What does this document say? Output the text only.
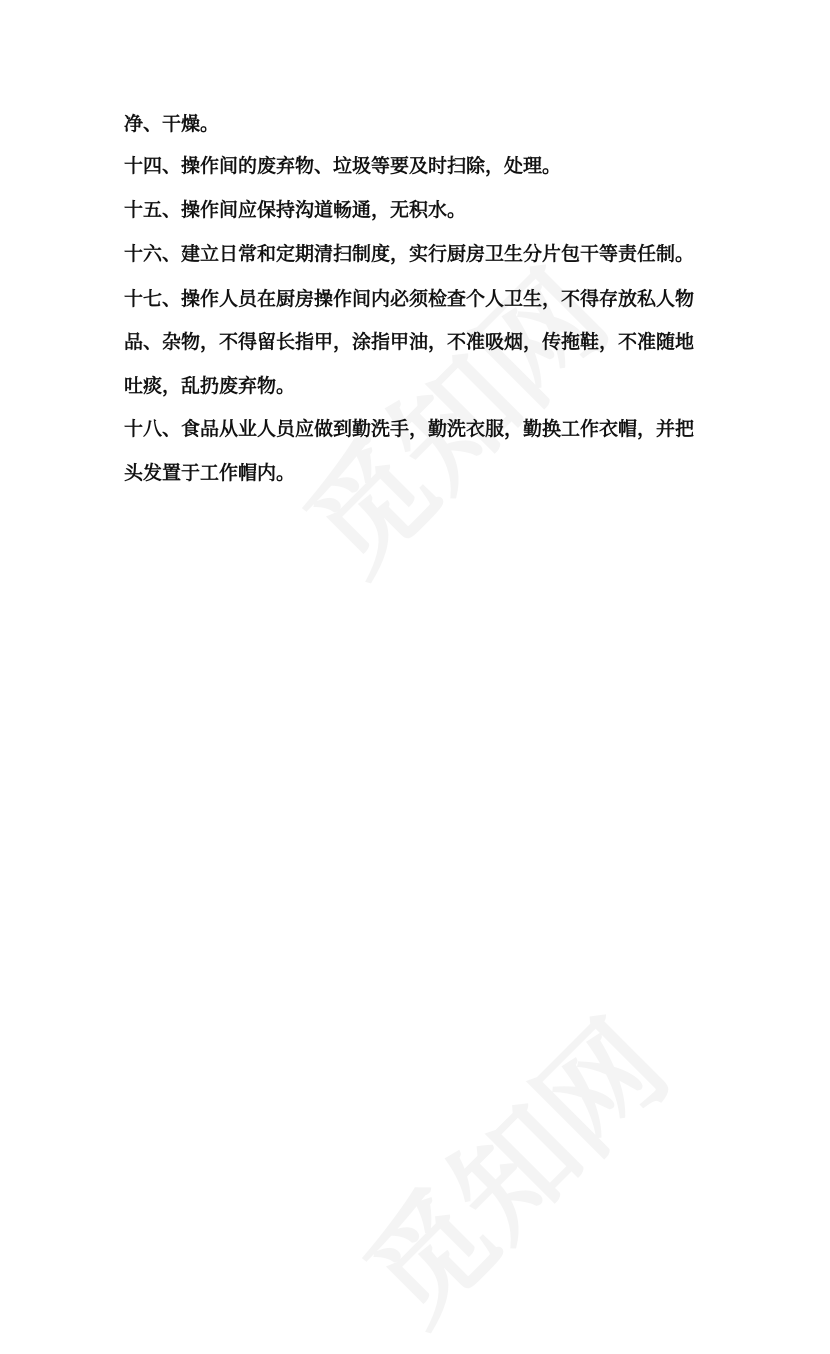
净、干燥。
十四、操作间的废弃物、垃圾等要及时扫除，处理。
十五、操作间应保持沟道畅通，无积水。
十六、建立日常和定期清扫制度，实行厨房卫生分片包干等责任制。
十七、操作人员在厨房操作间内必须检查个人卫生，不得存放私人物
品、杂物，不得留长指甲，涂指甲油，不准吸烟，传拖鞋，不准随地
吐痰，乱扔废弃物。
十八、食品从业人员应做到勤洗手，勤洗衣服，勤换工作衣帽，并把
头发置于工作帽内。
